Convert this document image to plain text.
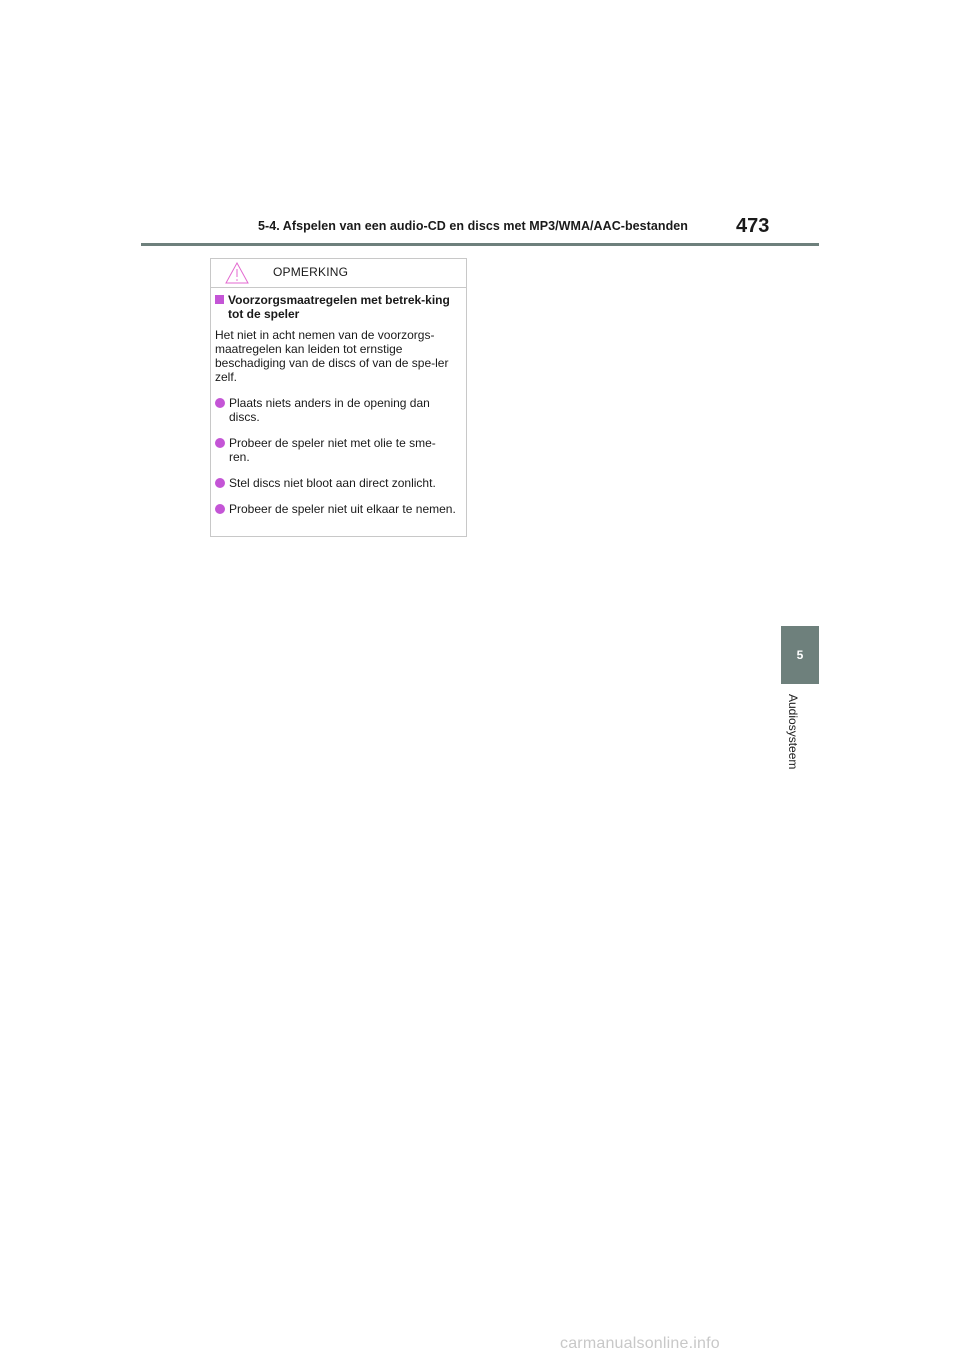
5-4. Afspelen van een audio-CD en discs met MP3/WMA/AAC-bestanden 473
5
Audiosysteem
OPMERKING
Voorzorgsmaatregelen met betrek-king tot de speler
Het niet in acht nemen van de voorzorgs-maatregelen kan leiden tot ernstige beschadiging van de discs of van de spe-ler zelf.
Plaats niets anders in de opening dan discs.
Probeer de speler niet met olie te sme-ren.
Stel discs niet bloot aan direct zonlicht.
Probeer de speler niet uit elkaar te nemen.
carmanualsonline.info
